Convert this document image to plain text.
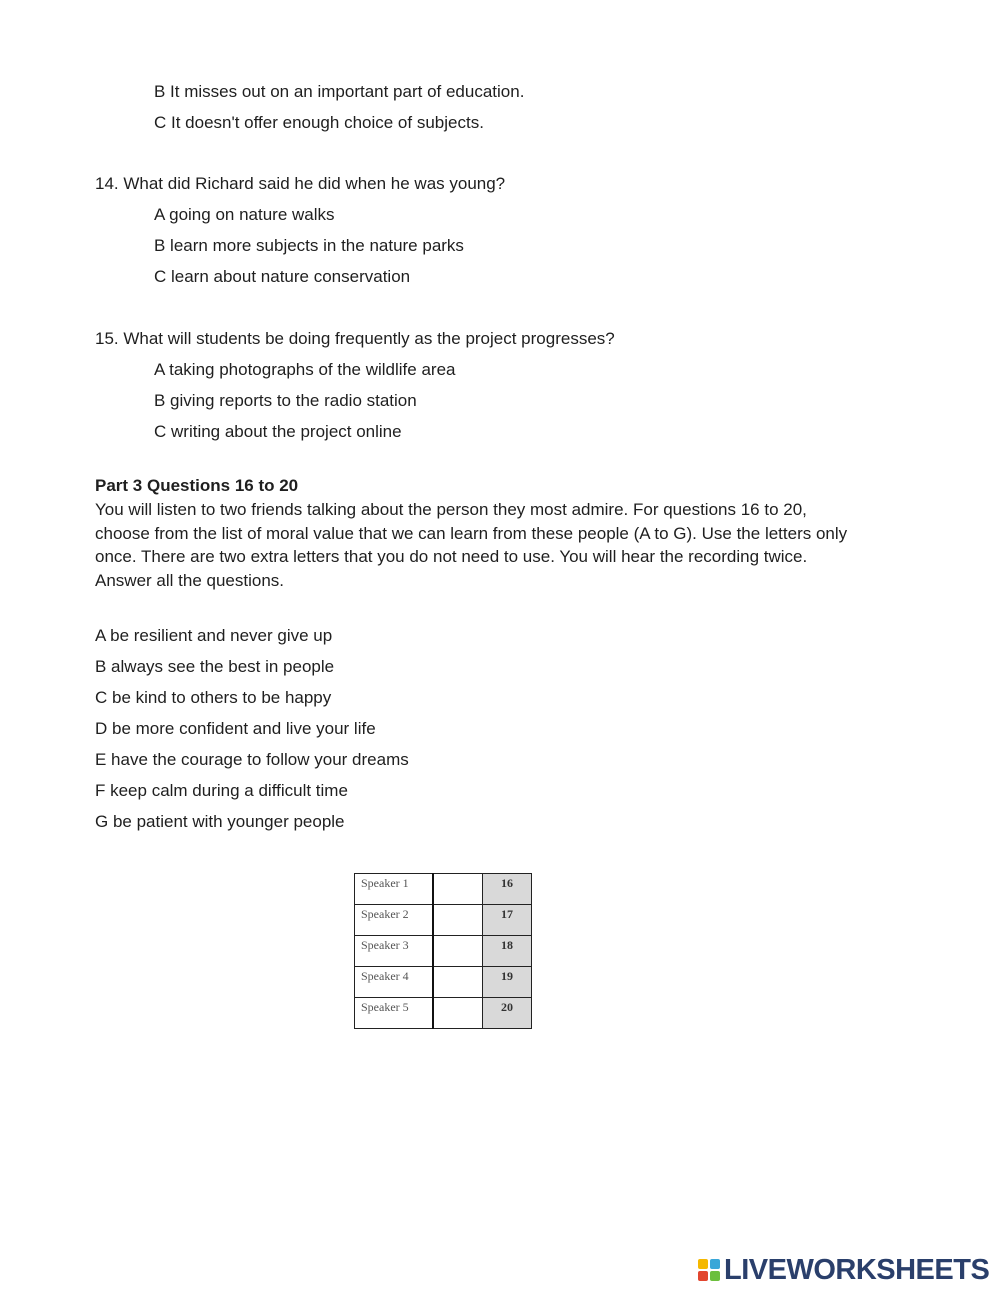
B It misses out on an important part of education.
C It doesn't offer enough choice of subjects.
14. What did Richard said he did when he was young?
A going on nature walks
B learn more subjects in the nature parks
C learn about nature conservation
15. What will students be doing frequently as the project progresses?
A taking photographs of the wildlife area
B giving reports to the radio station
C writing about the project online
Part 3 Questions 16 to 20
You will listen to two friends talking about the person they most admire. For questions 16 to 20, choose from the list of moral value that we can learn from these people (A to G). Use the letters only once. There are two extra letters that you do not need to use. You will hear the recording twice. Answer all the questions.
A be resilient and never give up
B always see the best in people
C be kind to others to be happy
D be more confident and live your life
E have the courage to follow your dreams
F keep calm during a difficult time
G be patient with younger people
Speaker 1		16
Speaker 2		17
Speaker 3		18
Speaker 4		19
Speaker 5		20
LIVEWORKSHEETS
